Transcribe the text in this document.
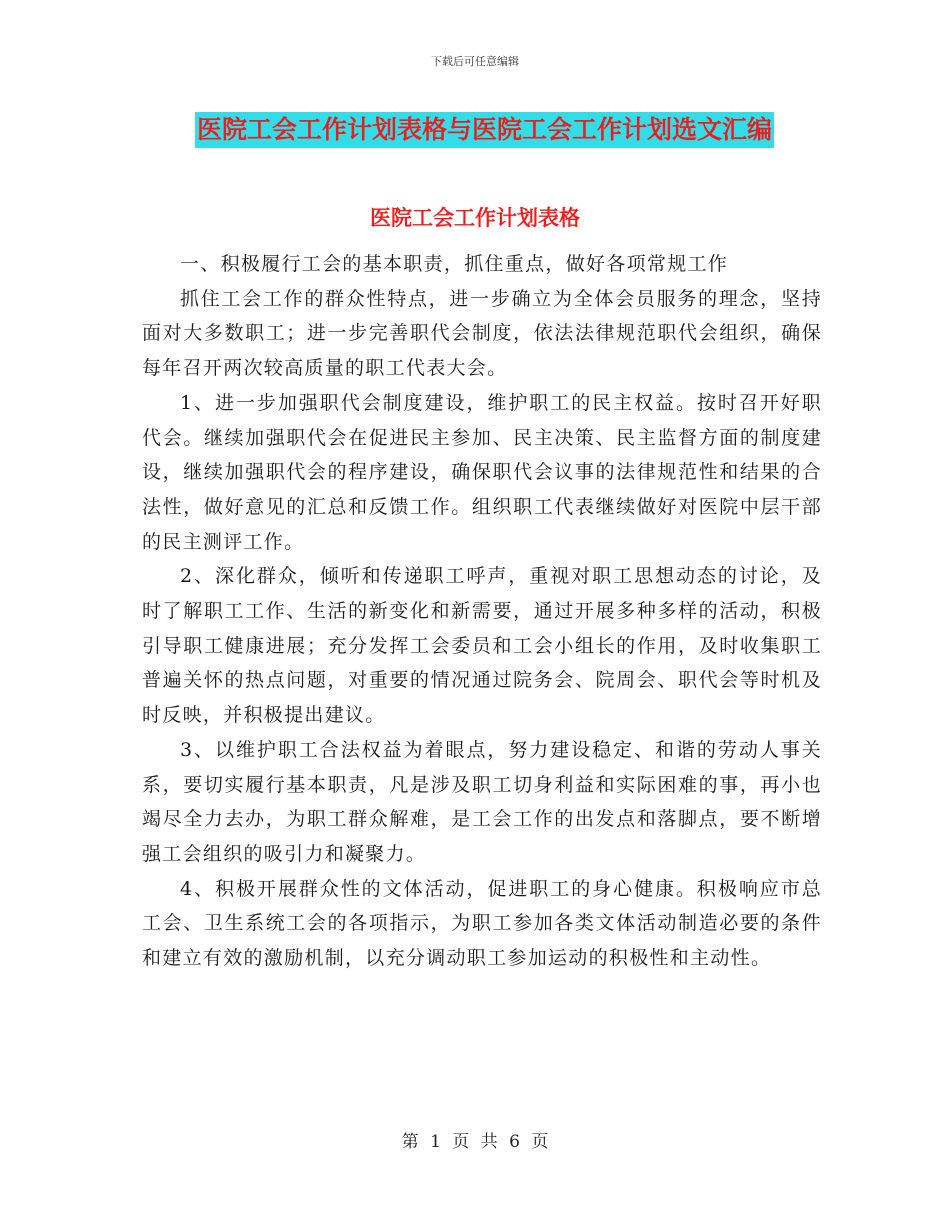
下载后可任意编辑
医院工会工作计划表格与医院工会工作计划选文汇编
医院工会工作计划表格

一、积极履行工会的基本职责，抓住重点，做好各项常规工作

抓住工会工作的群众性特点，进一步确立为全体会员服务的理念，坚持面对大多数职工；进一步完善职代会制度，依法法律规范职代会组织，确保每年召开两次较高质量的职工代表大会。

1、进一步加强职代会制度建设，维护职工的民主权益。按时召开好职代会。继续加强职代会在促进民主参加、民主决策、民主监督方面的制度建设，继续加强职代会的程序建设，确保职代会议事的法律规范性和结果的合法性，做好意见的汇总和反馈工作。组织职工代表继续做好对医院中层干部的民主测评工作。

2、深化群众，倾听和传递职工呼声，重视对职工思想动态的讨论，及时了解职工工作、生活的新变化和新需要，通过开展多种多样的活动，积极引导职工健康进展；充分发挥工会委员和工会小组长的作用，及时收集职工普遍关怀的热点问题，对重要的情况通过院务会、院周会、职代会等时机及时反映，并积极提出建议。

3、以维护职工合法权益为着眼点，努力建设稳定、和谐的劳动人事关系，要切实履行基本职责，凡是涉及职工切身利益和实际困难的事，再小也竭尽全力去办，为职工群众解难，是工会工作的出发点和落脚点，要不断增强工会组织的吸引力和凝聚力。

4、积极开展群众性的文体活动，促进职工的身心健康。积极响应市总工会、卫生系统工会的各项指示，为职工参加各类文体活动制造必要的条件和建立有效的激励机制，以充分调动职工参加运动的积极性和主动性。

第 1 页 共 6 页
